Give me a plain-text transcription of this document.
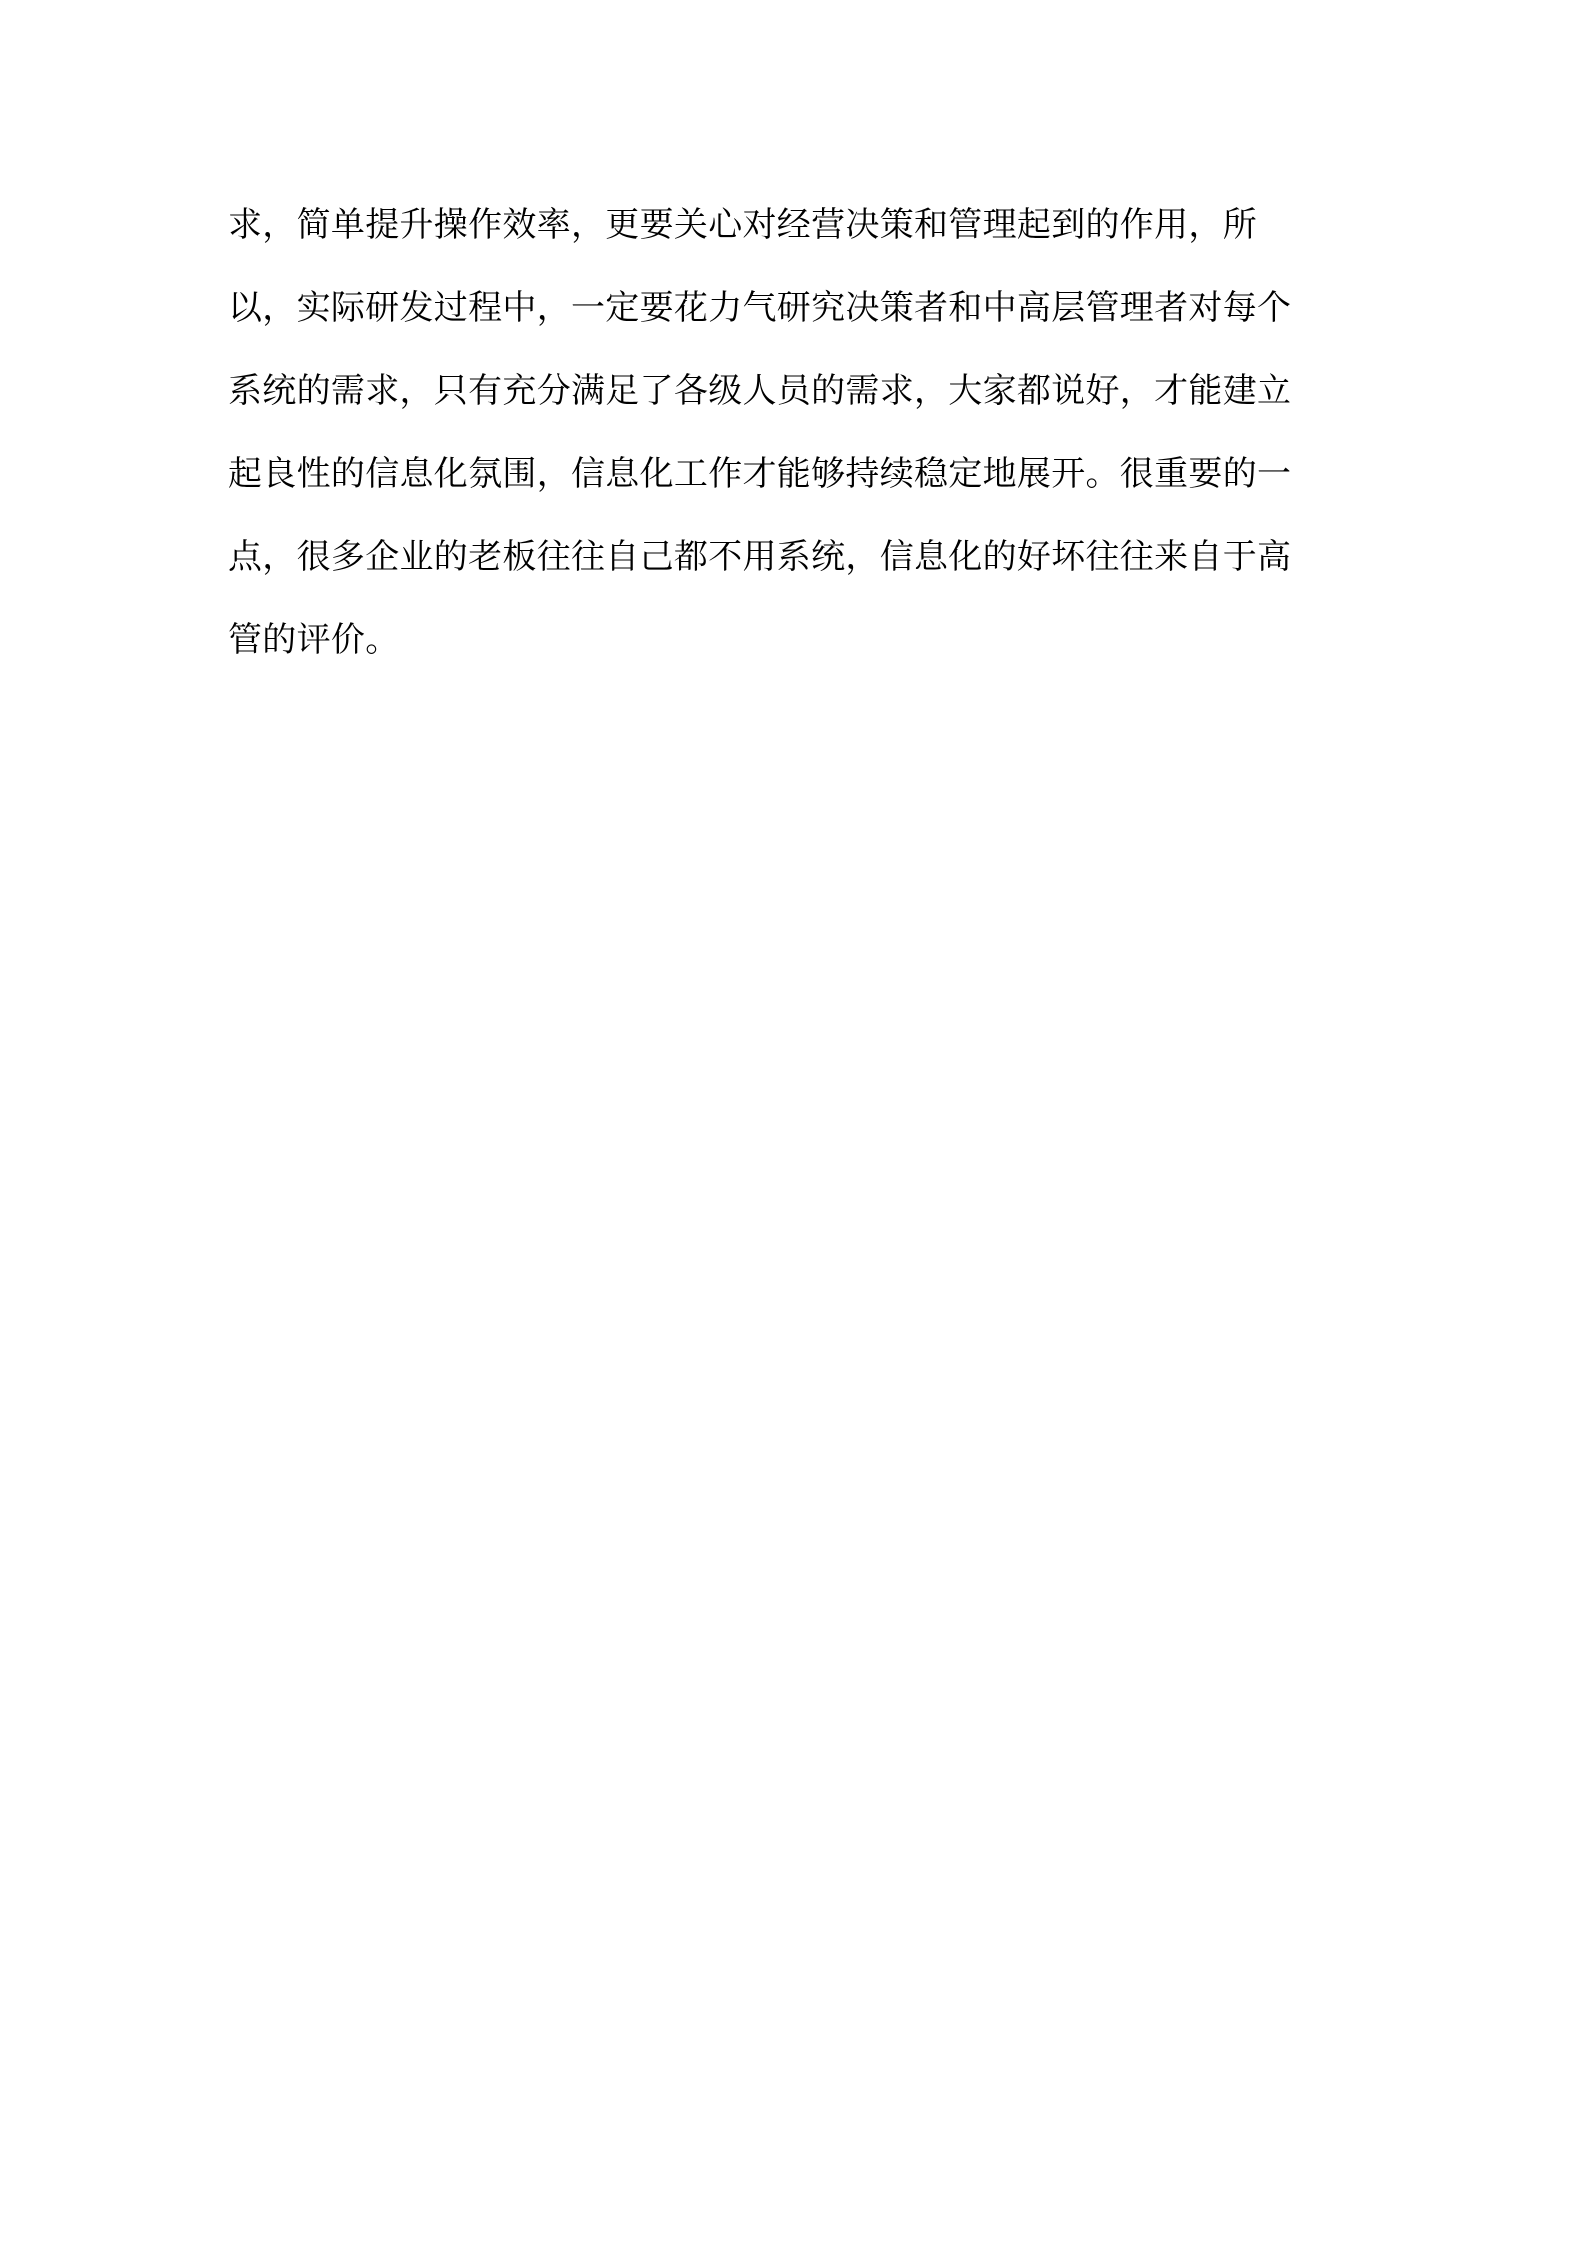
求，简单提升操作效率，更要关心对经营决策和管理起到的作用，所
以，实际研发过程中，一定要花力气研究决策者和中高层管理者对每个
系统的需求，只有充分满足了各级人员的需求，大家都说好，才能建立
起良性的信息化氛围，信息化工作才能够持续稳定地展开。很重要的一
点，很多企业的老板往往自己都不用系统，信息化的好坏往往来自于高
管的评价。
